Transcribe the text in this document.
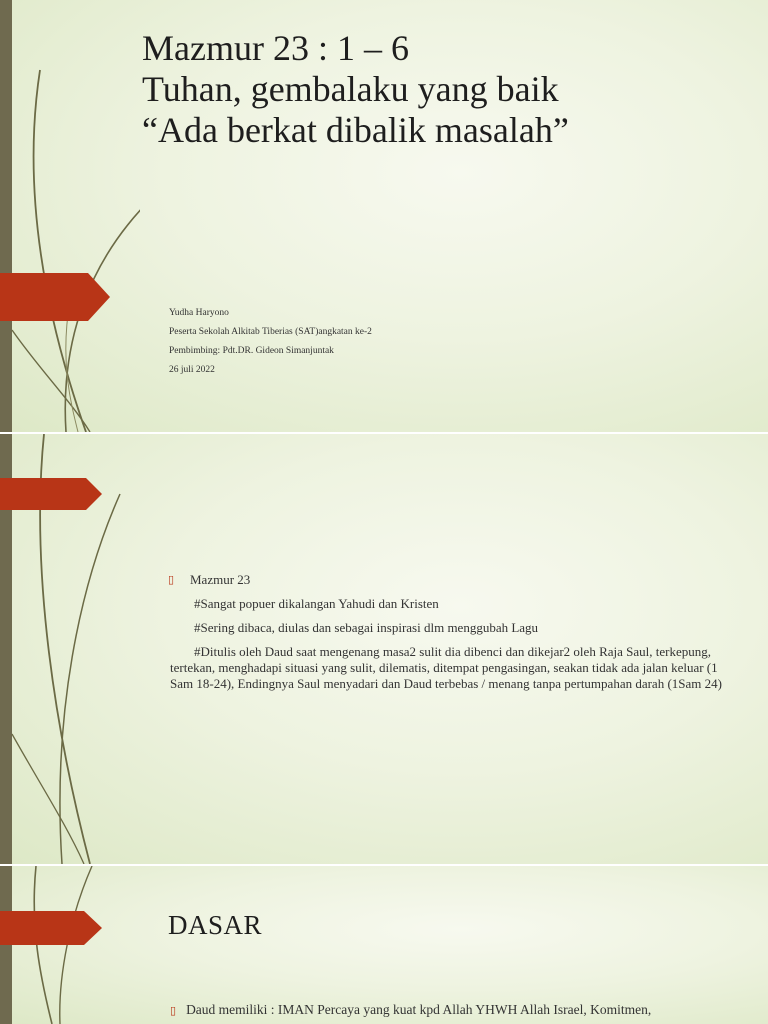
Mazmur 23 : 1 – 6
Tuhan, gembalaku yang baik
“Ada berkat dibalik masalah”
Yudha Haryono
Peserta Sekolah Alkitab Tiberias (SAT)angkatan ke-2
Pembimbing: Pdt.DR. Gideon Simanjuntak
26 juli 2022
▯ Mazmur 23
#Sangat popuer dikalangan Yahudi dan Kristen
#Sering dibaca, diulas dan sebagai inspirasi dlm menggubah Lagu
#Ditulis oleh Daud saat mengenang masa2 sulit dia dibenci dan dikejar2 oleh Raja Saul, terkepung, tertekan, menghadapi situasi yang sulit, dilematis, ditempat pengasingan, seakan tidak ada jalan keluar (1 Sam 18-24), Endingnya Saul menyadari dan Daud terbebas / menang tanpa pertumpahan darah (1Sam 24)
DASAR
▯ Daud memiliki : IMAN Percaya yang kuat kpd Allah YHWH Allah Israel, Komitmen,
